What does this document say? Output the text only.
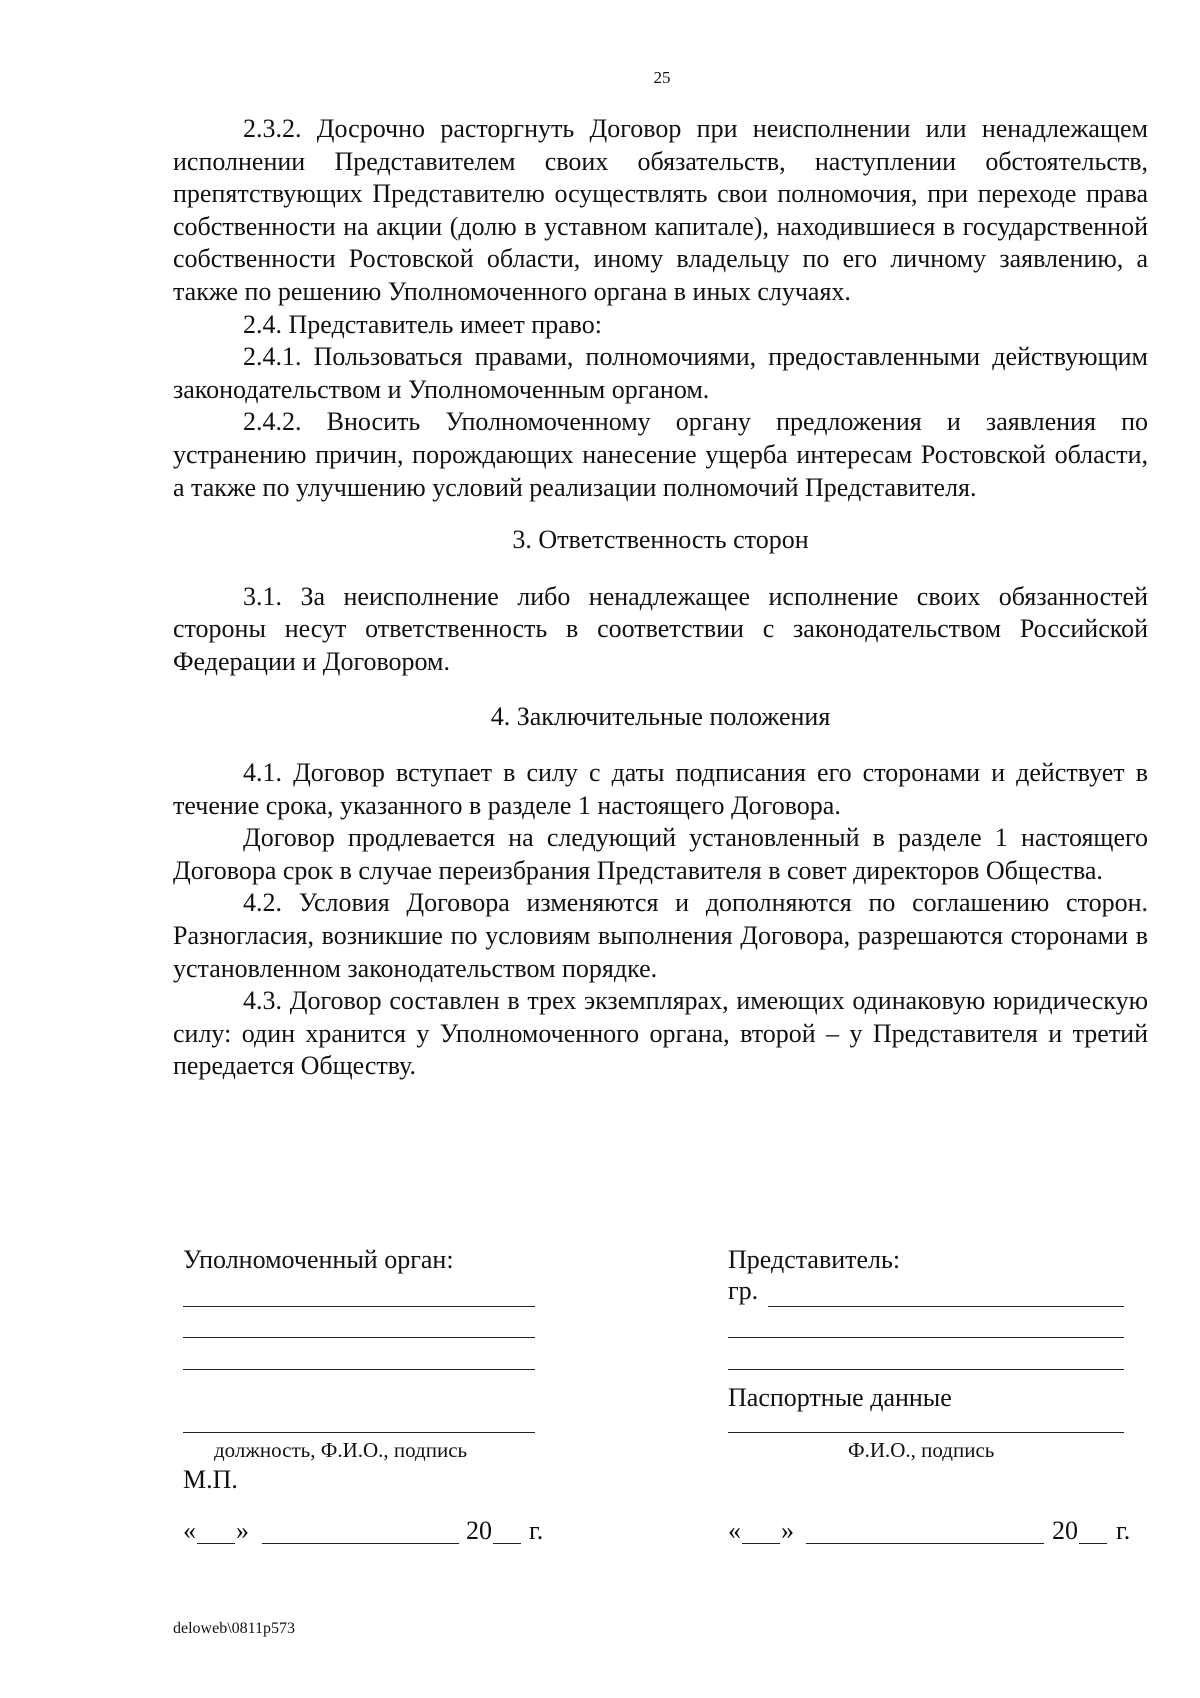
25

2.3.2. Досрочно расторгнуть Договор при неисполнении или ненадлежащем исполнении Представителем своих обязательств, наступлении обстоятельств, препятствующих Представителю осуществлять свои полномочия, при переходе права собственности на акции (долю в уставном капитале), находившиеся в государственной собственности Ростовской области, иному владельцу по его личному заявлению, а также по решению Уполномоченного органа в иных случаях.

2.4. Представитель имеет право:

2.4.1. Пользоваться правами, полномочиями, предоставленными действующим законодательством и Уполномоченным органом.

2.4.2. Вносить Уполномоченному органу предложения и заявления по устранению причин, порождающих нанесение ущерба интересам Ростовской области, а также по улучшению условий реализации полномочий Представителя.

3. Ответственность сторон

3.1. За неисполнение либо ненадлежащее исполнение своих обязанностей стороны несут ответственность в соответствии с законодательством Российской Федерации и Договором.

4. Заключительные положения

4.1. Договор вступает в силу с даты подписания его сторонами и действует в течение срока, указанного в разделе 1 настоящего Договора.

Договор продлевается на следующий установленный в разделе 1 настоящего Договора срок в случае переизбрания Представителя в совет директоров Общества.

4.2. Условия Договора изменяются и дополняются по соглашению сторон. Разногласия, возникшие по условиям выполнения Договора, разрешаются сторонами в установленном законодательством порядке.

4.3. Договор составлен в трех экземплярах, имеющих одинаковую юридическую силу: один хранится у Уполномоченного органа, второй – у Представителя и третий передается Обществу.

Уполномоченный орган:
должность, Ф.И.О., подпись
М.П.
« »	20 г.
Представитель:
гр.
Паспортные данные
Ф.И.О., подпись
« »	20 г.
deloweb\0811p573
